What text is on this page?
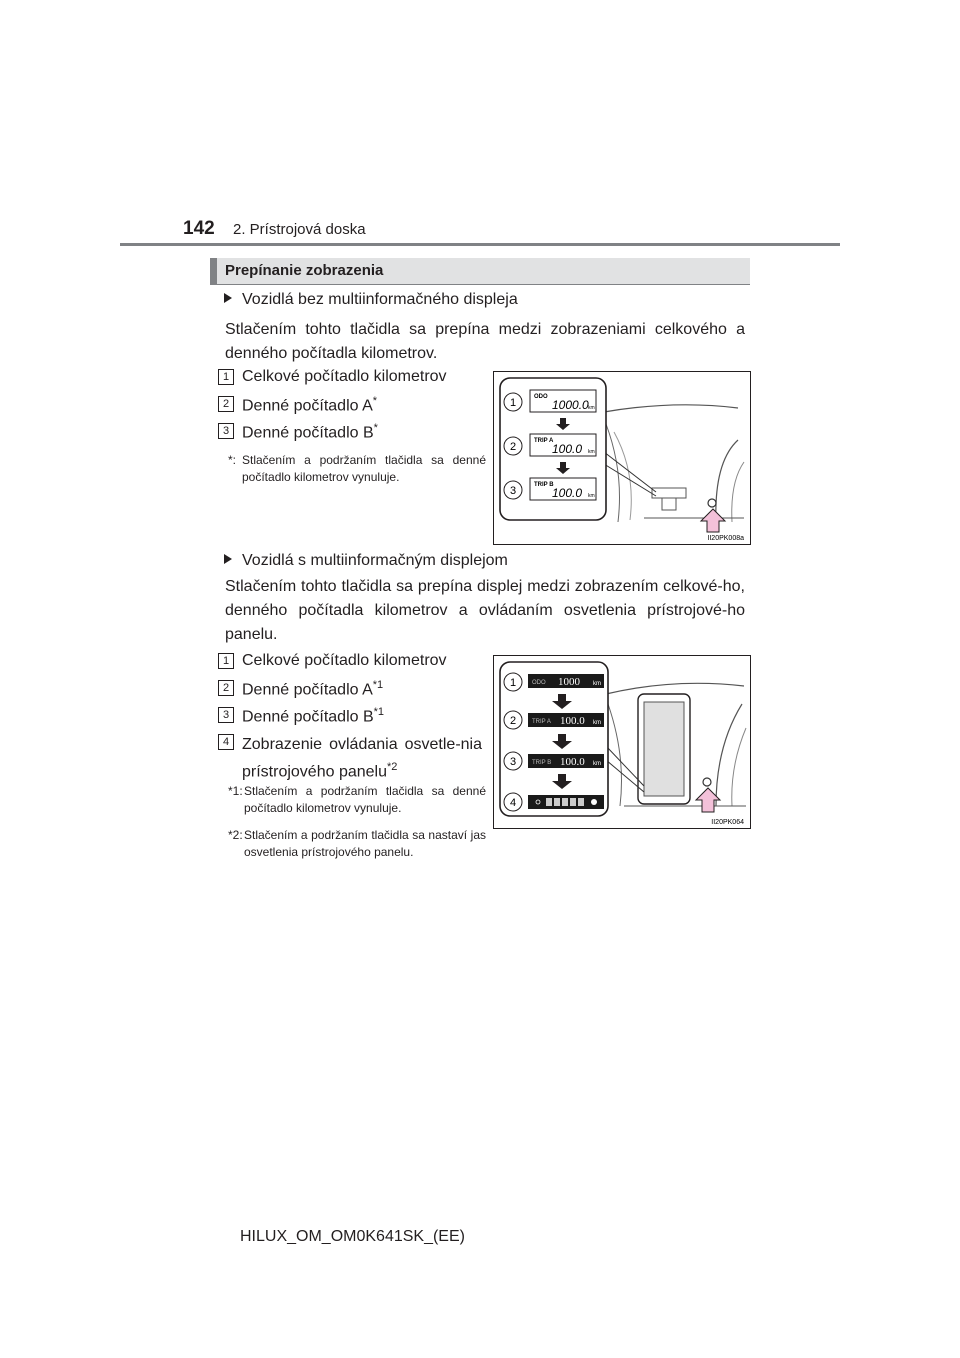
142 2. Prístrojová doska
Prepínanie zobrazenia
Vozidlá bez multiinformačného displeja
Stlačením tohto tlačidla sa prepína medzi zobrazeniami celkového a denného počítadla kilometrov.
1 Celkové počítadlo kilometrov
2 Denné počítadlo A*
3 Denné počítadlo B*
*: Stlačením a podržaním tlačidla sa denné počítadlo kilometrov vynuluje.
1
2
3
ODO
1000.0 km
TRIP A
100.0 km
TRIP B
100.0 km
II20PK008a
Vozidlá s multiinformačným displejom
Stlačením tohto tlačidla sa prepína displej medzi zobrazením celkové-ho, denného počítadla kilometrov a ovládaním osvetlenia prístrojové-ho panelu.
1 Celkové počítadlo kilometrov
2 Denné počítadlo $A^{*1}$
3 Denné počítadlo $B^{*1}$
4 Zobrazenie ovládania osvetle-nia prístrojového panelu$^{*2}$
*1: Stlačením a podržaním tlačidla sa denné počítadlo kilometrov vynuluje.
*2: Stlačením a podržaním tlačidla sa nastaví jas osvetlenia prístrojového panelu.
1
2
3
4
ODO 1000 km
TRIP A 100.0 km
TRIP B 100.0 km
II20PK064
HILUX_OM_OM0K641SK_(EE)
